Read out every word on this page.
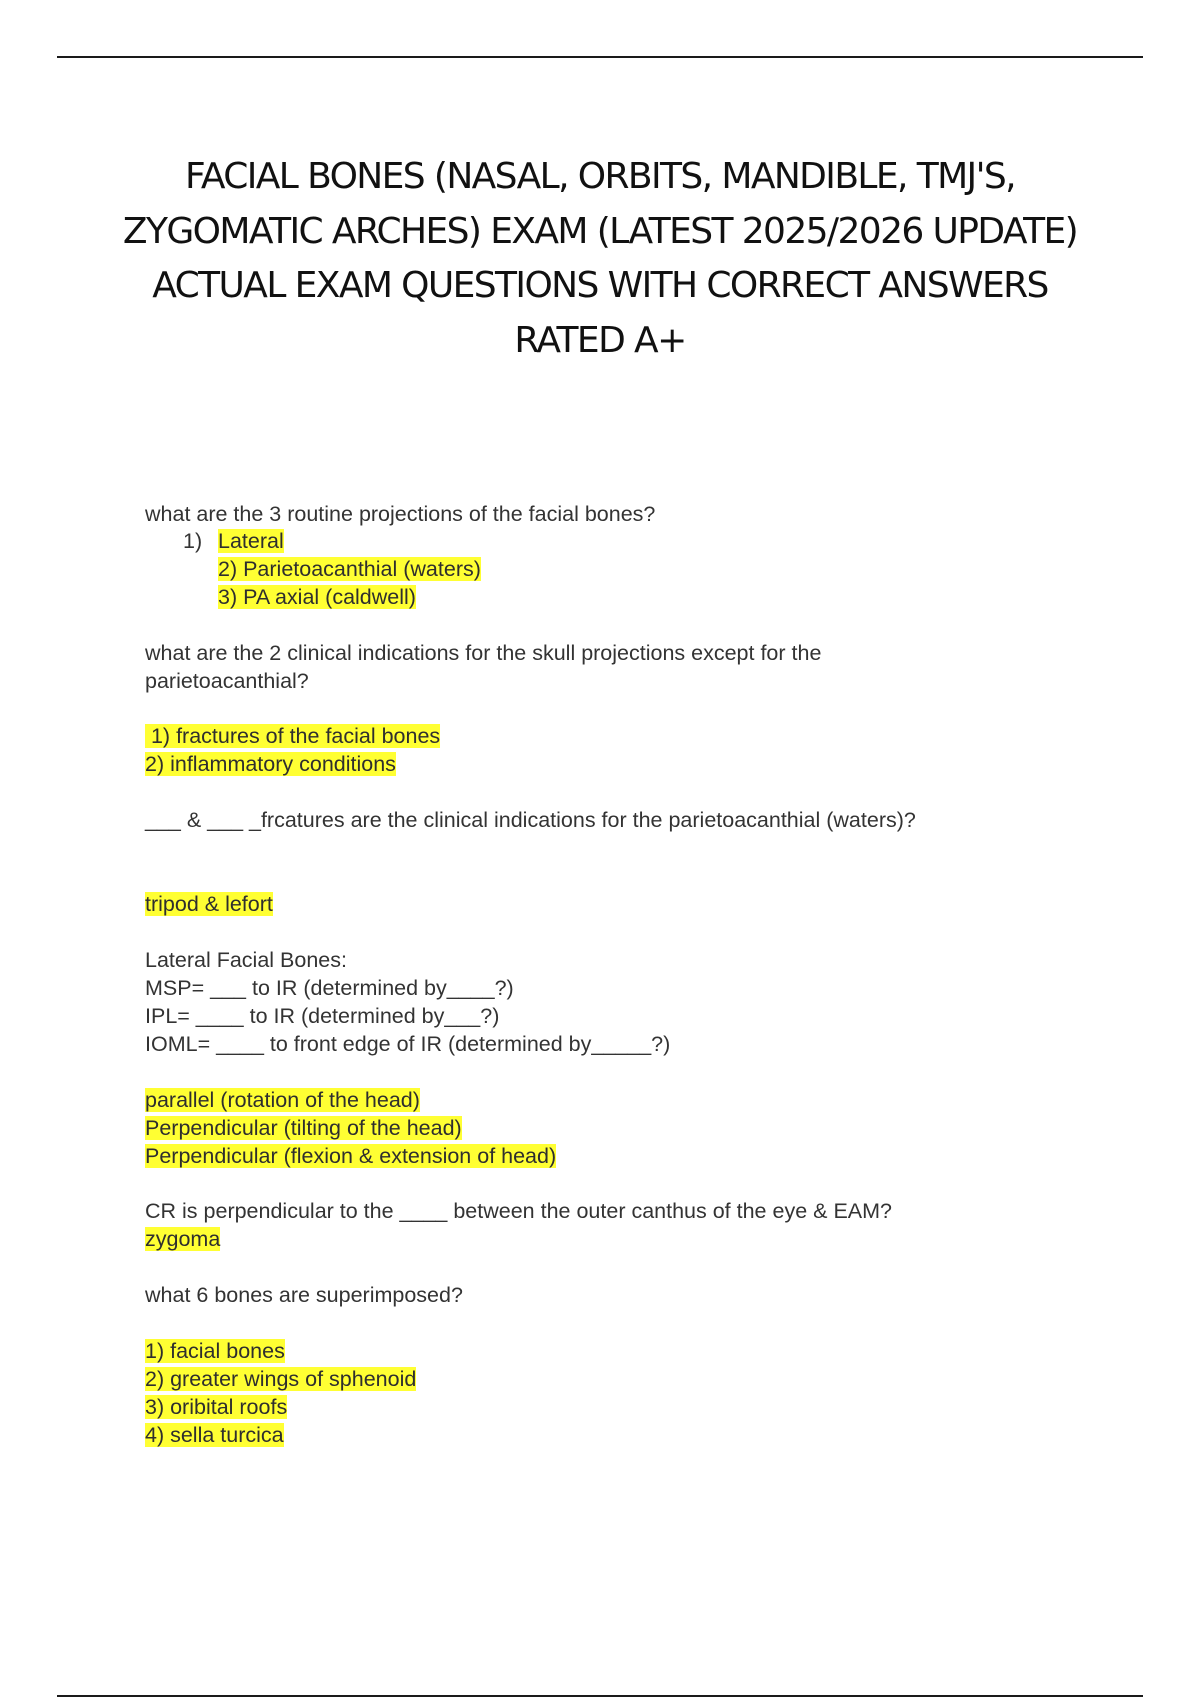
FACIAL BONES (NASAL, ORBITS, MANDIBLE, TMJ'S,
ZYGOMATIC ARCHES) EXAM (LATEST 2025/2026 UPDATE)
ACTUAL EXAM QUESTIONS WITH CORRECT ANSWERS
RATED A+
what are the 3 routine projections of the facial bones?
1) Lateral
2) Parietoacanthial (waters)
3) PA axial (caldwell)
what are the 2 clinical indications for the skull projections except for the
parietoacanthial?
1) fractures of the facial bones
2) inflammatory conditions
___ & ___ _frcatures are the clinical indications for the parietoacanthial (waters)?
tripod & lefort
Lateral Facial Bones:
MSP= ___ to IR (determined by____?)
IPL= ____ to IR (determined by___?)
IOML= ____ to front edge of IR (determined by_____?)
parallel (rotation of the head)
Perpendicular (tilting of the head)
Perpendicular (flexion & extension of head)
CR is perpendicular to the ____ between the outer canthus of the eye & EAM?
zygoma
what 6 bones are superimposed?
1) facial bones
2) greater wings of sphenoid
3) oribital roofs
4) sella turcica
